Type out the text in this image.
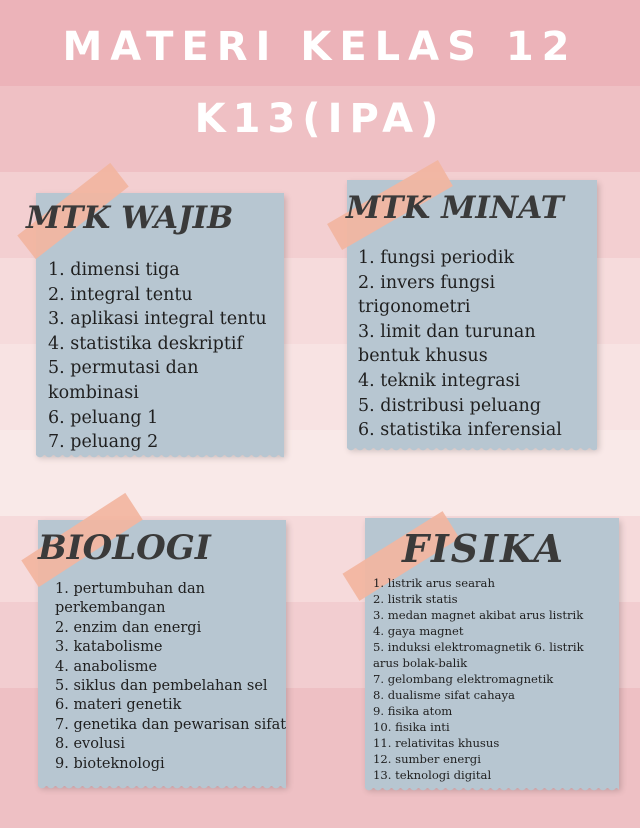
MATERI KELAS 12
K13(IPA)
MTK WAJIB
1. dimensi tiga
2. integral tentu
3. aplikasi integral tentu
4. statistika deskriptif
5. permutasi dan
kombinasi
6. peluang 1
7. peluang 2
MTK MINAT
1. fungsi periodik
2. invers fungsi
trigonometri
3. limit dan turunan
bentuk khusus
4. teknik integrasi
5. distribusi peluang
6. statistika inferensial
BIOLOGI
1. pertumbuhan dan
perkembangan
2. enzim dan energi
3. katabolisme
4. anabolisme
5. siklus dan pembelahan sel
6. materi genetik
7. genetika dan pewarisan sifat
8. evolusi
9. bioteknologi
FISIKA
1. listrik arus searah
2. listrik statis
3. medan magnet akibat arus listrik
4. gaya magnet
5. induksi elektromagnetik 6. listrik
arus bolak-balik
7. gelombang elektromagnetik
8. dualisme sifat cahaya
9. fisika atom
10. fisika inti
11. relativitas khusus
12. sumber energi
13. teknologi digital
